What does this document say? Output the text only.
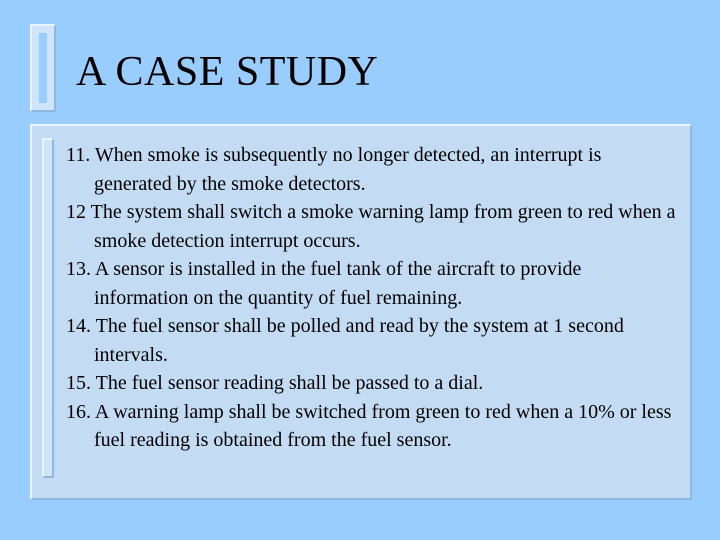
A CASE STUDY
11. When smoke is subsequently no longer detected, an interrupt is generated by the smoke detectors.
12 The system shall switch a smoke warning lamp from green to red when a smoke detection interrupt occurs.
13. A sensor is installed in the fuel tank of the aircraft to provide information on the quantity of fuel remaining.
14. The fuel sensor shall be polled and read by the system at 1 second intervals.
15. The fuel sensor reading shall be passed to a dial.
16. A warning lamp shall be switched from green to red when a 10% or less fuel reading is obtained from the fuel sensor.
